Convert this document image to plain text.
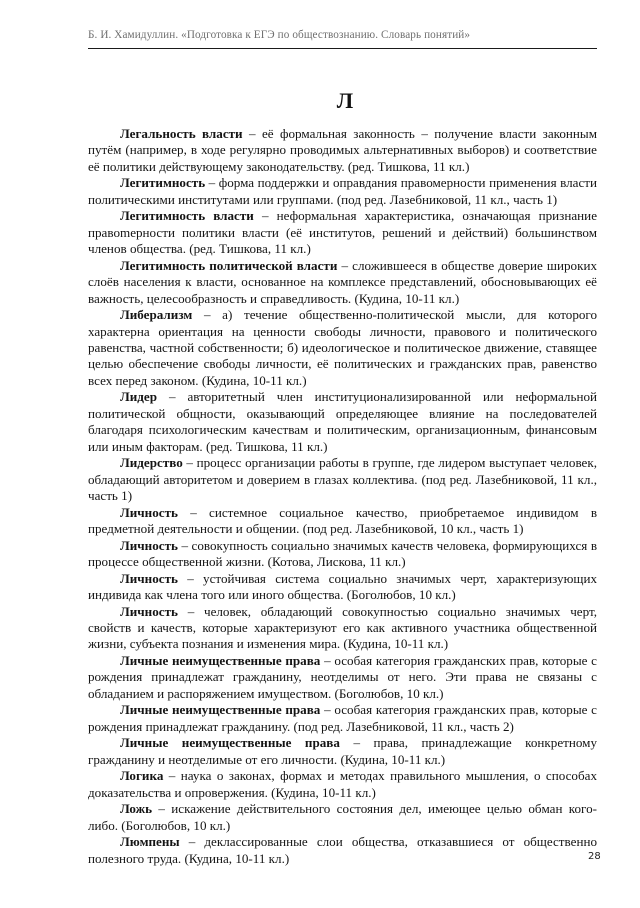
Б. И. Хамидуллин. «Подготовка к ЕГЭ по обществознанию. Словарь понятий»
Л

Легальность власти – её формальная законность – получение власти законным путём (например, в ходе регулярно проводимых альтернативных выборов) и соответствие её политики действующему законодательству. (ред. Тишкова, 11 кл.)

Легитимность – форма поддержки и оправдания правомерности применения власти политическими институтами или группами. (под ред. Лазебниковой, 11 кл., часть 1)

Легитимность власти – неформальная характеристика, означающая признание правоmерности политики власти (её институтов, решений и действий) большинством членов общества. (ред. Тишкова, 11 кл.)

Легитимность политической власти – сложившееся в обществе доверие широких слоёв населения к власти, основанное на комплексе представлений, обосновывающих её важность, целесообразность и справедливость. (Кудина, 10-11 кл.)

Либерализм – а) течение общественно-политической мысли, для которого характерна ориентация на ценности свободы личности, правового и политического равенства, частной собственности; б) идеологическое и политическое движение, ставящее целью обеспечение свободы личности, её политических и гражданских прав, равенство всех перед законом. (Кудина, 10-11 кл.)

Лидер – авторитетный член институционализированной или неформальной политической общности, оказывающий определяющее влияние на последователей благодаря психологическим качествам и политическим, организационным, финансовым или иным факторам. (ред. Тишкова, 11 кл.)

Лидерство – процесс организации работы в группе, где лидером выступает человек, обладающий авторитетом и доверием в глазах коллектива. (под ред. Лазебниковой, 11 кл., часть 1)

Личность – системное социальное качество, приобретаемое индивидом в предметной деятельности и общении. (под ред. Лазебниковой, 10 кл., часть 1)

Личность – совокупность социально значимых качеств человека, формирующихся в процессе общественной жизни. (Котова, Лискова, 11 кл.)

Личность – устойчивая система социально значимых черт, характеризующих индивида как члена того или иного общества. (Боголюбов, 10 кл.)

Личность – человек, обладающий совокупностью социально значимых черт, свойств и качеств, которые характеризуют его как активного участника общественной жизни, субъекта познания и изменения мира. (Кудина, 10-11 кл.)

Личные неимущественные права – особая категория гражданских прав, которые с рождения принадлежат гражданину, неотделимы от него. Эти права не связаны с обладанием и распоряжением имуществом. (Боголюбов, 10 кл.)

Личные неимущественные права – особая категория гражданских прав, которые с рождения принадлежат гражданину. (под ред. Лазебниковой, 11 кл., часть 2)

Личные неимущественные права – права, принадлежащие конкретному гражданину и неотделимые от его личности. (Кудина, 10-11 кл.)

Логика – наука о законах, формах и методах правильного мышления, о способах доказательства и опровержения. (Кудина, 10-11 кл.)

Ложь – искажение действительного состояния дел, имеющее целью обман кого-либо. (Боголюбов, 10 кл.)

Люмпены – деклассированные слои общества, отказавшиеся от общественно полезного труда. (Кудина, 10-11 кл.)	28
